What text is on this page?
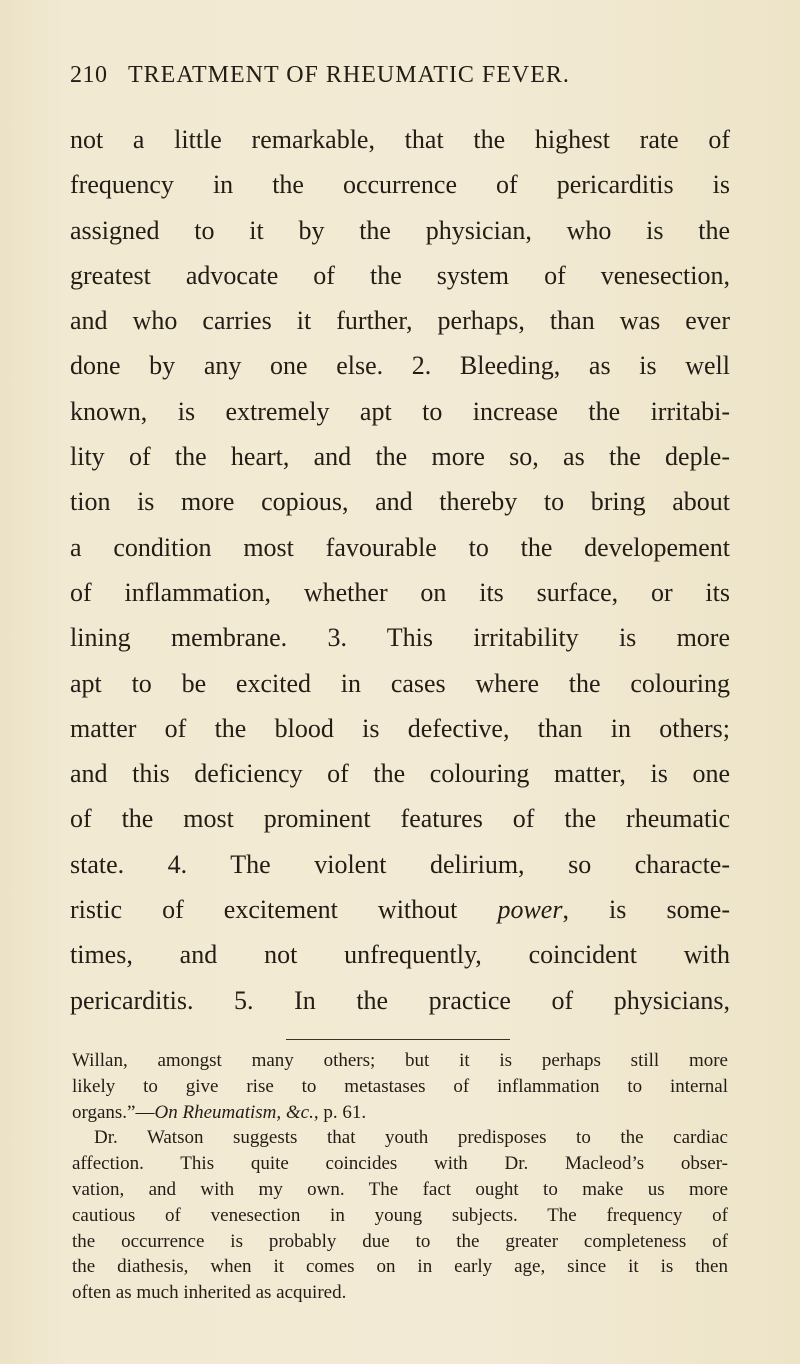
210 TREATMENT OF RHEUMATIC FEVER.
not a little remarkable, that the highest rate of
frequency in the occurrence of pericarditis is
assigned to it by the physician, who is the
greatest advocate of the system of venesection,
and who carries it further, perhaps, than was ever
done by any one else. 2. Bleeding, as is well
known, is extremely apt to increase the irritabi-
lity of the heart, and the more so, as the deple-
tion is more copious, and thereby to bring about
a condition most favourable to the developement
of inflammation, whether on its surface, or its
lining membrane. 3. This irritability is more
apt to be excited in cases where the colouring
matter of the blood is defective, than in others;
and this deficiency of the colouring matter, is one
of the most prominent features of the rheumatic
state. 4. The violent delirium, so characte-
ristic of excitement without power, is some-
times, and not unfrequently, coincident with
pericarditis. 5. In the practice of physicians,
Willan, amongst many others; but it is perhaps still more
likely to give rise to metastases of inflammation to internal
organs.”—On Rheumatism, &c., p. 61.
Dr. Watson suggests that youth predisposes to the cardiac
affection. This quite coincides with Dr. Macleod’s obser-
vation, and with my own. The fact ought to make us more
cautious of venesection in young subjects. The frequency of
the occurrence is probably due to the greater completeness of
the diathesis, when it comes on in early age, since it is then
often as much inherited as acquired.
